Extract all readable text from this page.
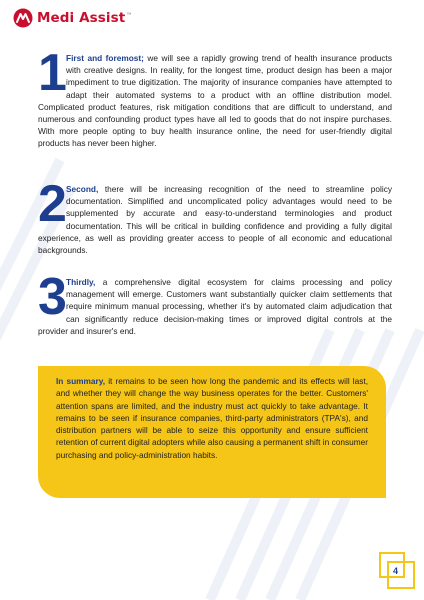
Medi Assist ™
1 First and foremost; we will see a rapidly growing trend of health insurance products with creative designs. In reality, for the longest time, product design has been a major impediment to true digitization. The majority of insurance companies have attempted to adapt their automated systems to a product with an offline distribution model. Complicated product features, risk mitigation conditions that are difficult to understand, and numerous and confounding product types have all led to goods that do not inspire purchases. With more people opting to buy health insurance online, the need for user-friendly digital products has never been higher.
2 Second, there will be increasing recognition of the need to streamline policy documentation. Simplified and uncomplicated policy advantages would need to be supplemented by accurate and easy-to-understand terminologies and product documentation. This will be critical in building confidence and providing a fully digital experience, as well as providing greater access to people of all economic and educational backgrounds.
3 Thirdly, a comprehensive digital ecosystem for claims processing and policy management will emerge. Customers want substantially quicker claim settlements that require minimum manual processing, whether it's by automated claim adjudication that can significantly reduce decision-making times or improved digital controls at the provider and insurer's end.
In summary, it remains to be seen how long the pandemic and its effects will last, and whether they will change the way business operates for the better. Customers' attention spans are limited, and the industry must act quickly to take advantage. It remains to be seen if insurance companies, third-party administrators (TPA's), and distribution partners will be able to seize this opportunity and ensure sufficient retention of current digital adopters while also causing a permanent shift in consumer purchasing and policy-administration habits.
4
